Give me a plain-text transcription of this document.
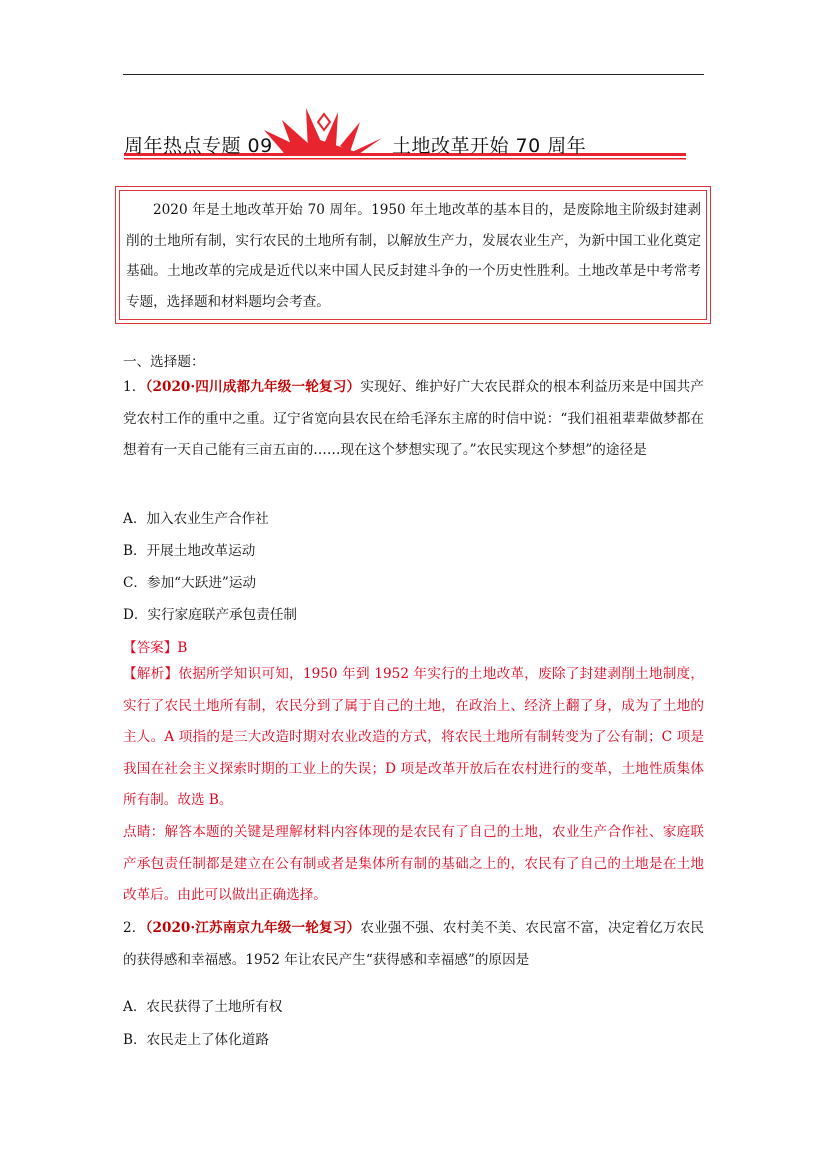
周年热点专题 09	土地改革开始 70 周年
2020 年是土地改革开始 70 周年。1950 年土地改革的基本目的，是废除地主阶级封建剥削的土地所有制，实行农民的土地所有制，以解放生产力，发展农业生产，为新中国工业化奠定基础。土地改革的完成是近代以来中国人民反封建斗争的一个历史性胜利。土地改革是中考常考专题，选择题和材料题均会考查。
一、选择题：
1．（2020·四川成都九年级一轮复习）实现好、维护好广大农民群众的根本利益历来是中国共产党农村工作的重中之重。辽宁省宽向县农民在给毛泽东主席的时信中说：“我们祖祖辈辈做梦都在想着有一天自己能有三亩五亩的……现在这个梦想实现了。”农民实现这个梦想”的途径是
A．加入农业生产合作社
B．开展土地改革运动
C．参加“大跃进”运动
D．实行家庭联产承包责任制
【答案】B
【解析】依据所学知识可知，1950 年到 1952 年实行的土地改革，废除了封建剥削土地制度，实行了农民土地所有制，农民分到了属于自己的土地，在政治上、经济上翻了身，成为了土地的主人。A 项指的是三大改造时期对农业改造的方式，将农民土地所有制转变为了公有制；C 项是我国在社会主义探索时期的工业上的失误；D 项是改革开放后在农村进行的变革，土地性质集体所有制。故选 B。
点睛：解答本题的关键是理解材料内容体现的是农民有了自己的土地，农业生产合作社、家庭联产承包责任制都是建立在公有制或者是集体所有制的基础之上的，农民有了自己的土地是在土地改革后。由此可以做出正确选择。
2．（2020·江苏南京九年级一轮复习）农业强不强、农村美不美、农民富不富，决定着亿万农民的获得感和幸福感。1952 年让农民产生“获得感和幸福感”的原因是
A．农民获得了土地所有权
B．农民走上了体化道路
